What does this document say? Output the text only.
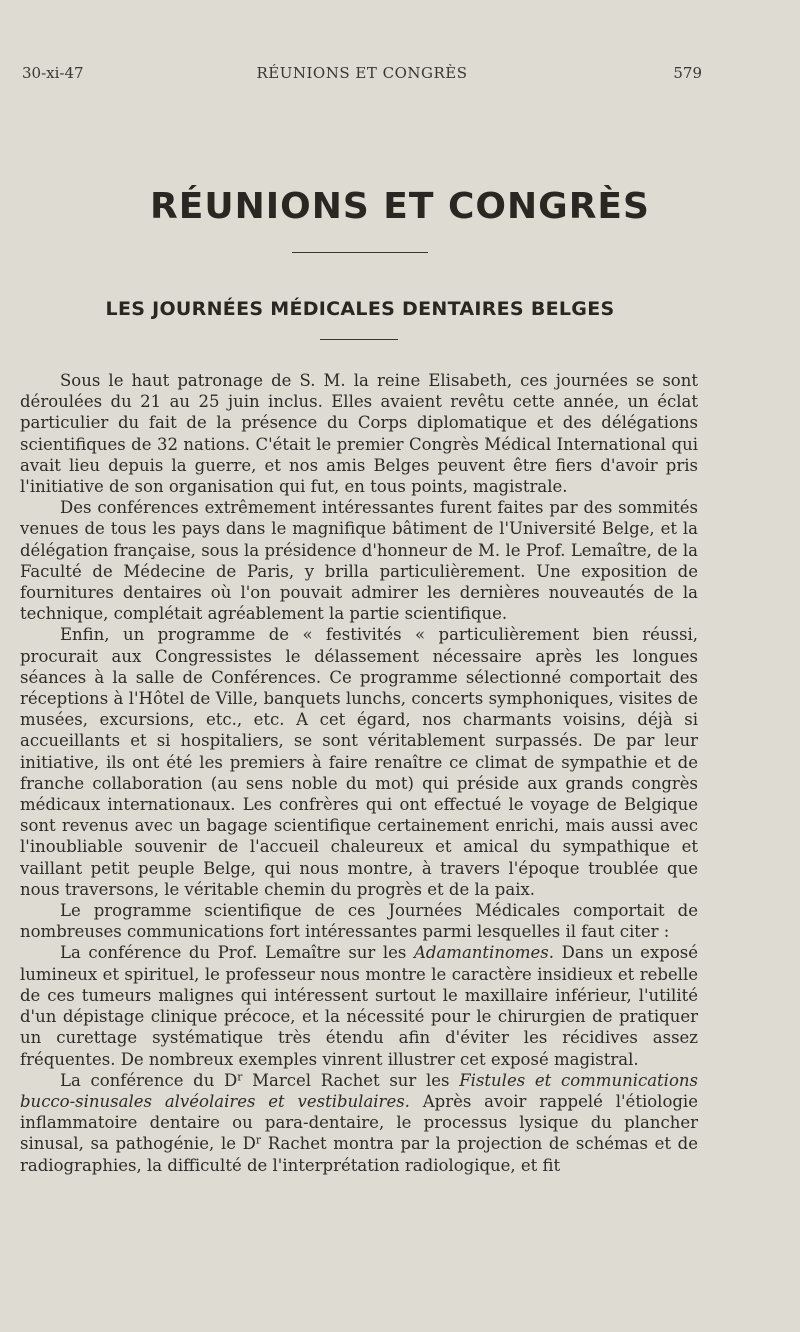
30-xi-47	RÉUNIONS ET CONGRÈS	579
RÉUNIONS ET CONGRÈS
LES JOURNÉES MÉDICALES DENTAIRES BELGES

Sous le haut patronage de S. M. la reine Elisabeth, ces journées se sont déroulées du 21 au 25 juin inclus. Elles avaient revêtu cette année, un éclat particulier du fait de la présence du Corps diplomatique et des délégations scientifiques de 32 nations. C'était le premier Congrès Médical International qui avait lieu depuis la guerre, et nos amis Belges peuvent être fiers d'avoir pris l'initiative de son organisation qui fut, en tous points, magistrale.

Des conférences extrêmement intéressantes furent faites par des sommités venues de tous les pays dans le magnifique bâtiment de l'Université Belge, et la délégation française, sous la présidence d'honneur de M. le Prof. Lemaître, de la Faculté de Médecine de Paris, y brilla particulièrement. Une exposition de fournitures dentaires où l'on pouvait admirer les dernières nouveautés de la technique, complétait agréablement la partie scientifique.

Enfin, un programme de « festivités « particulièrement bien réussi, procurait aux Congressistes le délassement nécessaire après les longues séances à la salle de Conférences. Ce programme sélectionné comportait des réceptions à l'Hôtel de Ville, banquets lunchs, concerts symphoniques, visites de musées, excursions, etc., etc. A cet égard, nos charmants voisins, déjà si accueillants et si hospitaliers, se sont véritablement surpassés. De par leur initiative, ils ont été les premiers à faire renaître ce climat de sympathie et de franche collaboration (au sens noble du mot) qui préside aux grands congrès médicaux internationaux. Les confrères qui ont effectué le voyage de Belgique sont revenus avec un bagage scientifique certainement enrichi, mais aussi avec l'inoubliable souvenir de l'accueil chaleureux et amical du sympathique et vaillant petit peuple Belge, qui nous montre, à travers l'époque troublée que nous traversons, le véritable chemin du progrès et de la paix.

Le programme scientifique de ces Journées Médicales comportait de nombreuses communications fort intéressantes parmi lesquelles il faut citer :

La conférence du Prof. Lemaître sur les Adamantinomes. Dans un exposé lumineux et spirituel, le professeur nous montre le caractère insidieux et rebelle de ces tumeurs malignes qui intéressent surtout le maxillaire inférieur, l'utilité d'un dépistage clinique précoce, et la nécessité pour le chirurgien de pratiquer un curettage systématique très étendu afin d'éviter les récidives assez fréquentes. De nombreux exemples vinrent illustrer cet exposé magistral.

La conférence du $D^r$ Marcel Rachet sur les Fistules et communications bucco-sinusales alvéolaires et vestibulaires. Après avoir rappelé l'étiologie inflammatoire dentaire ou para-dentaire, le processus lysique du plancher sinusal, sa pathogénie, le $D^r$ Rachet montra par la projection de schémas et de radiographies, la difficulté de l'interprétation radiologique, et fit
